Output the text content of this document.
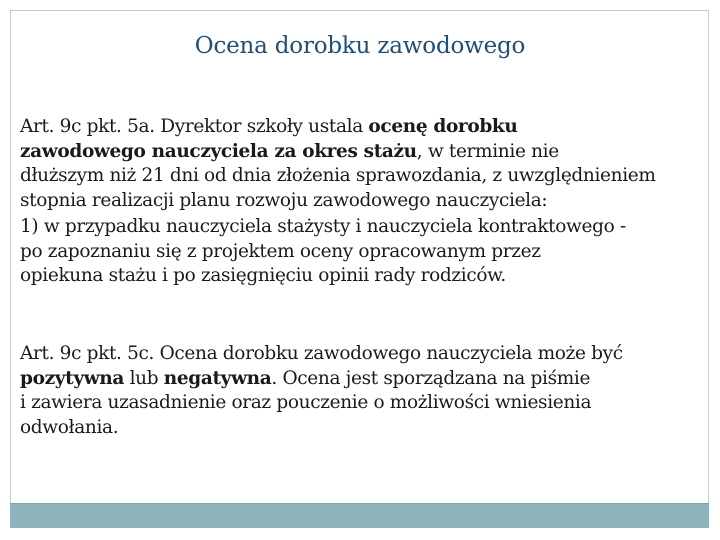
Ocena dorobku zawodowego
Art. 9c pkt. 5a. Dyrektor szkoły ustala ocenę dorobku
zawodowego nauczyciela za okres stażu, w terminie nie
dłuższym niż 21 dni od dnia złożenia sprawozdania, z uwzględnieniem
stopnia realizacji planu rozwoju zawodowego nauczyciela:
1) w przypadku nauczyciela stażysty i nauczyciela kontraktowego -
po zapoznaniu się z projektem oceny opracowanym przez
opiekuna stażu i po zasięgnięciu opinii rady rodziców.
Art. 9c pkt. 5c. Ocena dorobku zawodowego nauczyciela może być
pozytywna lub negatywna. Ocena jest sporządzana na piśmie
i zawiera uzasadnienie oraz pouczenie o możliwości wniesienia
odwołania.
